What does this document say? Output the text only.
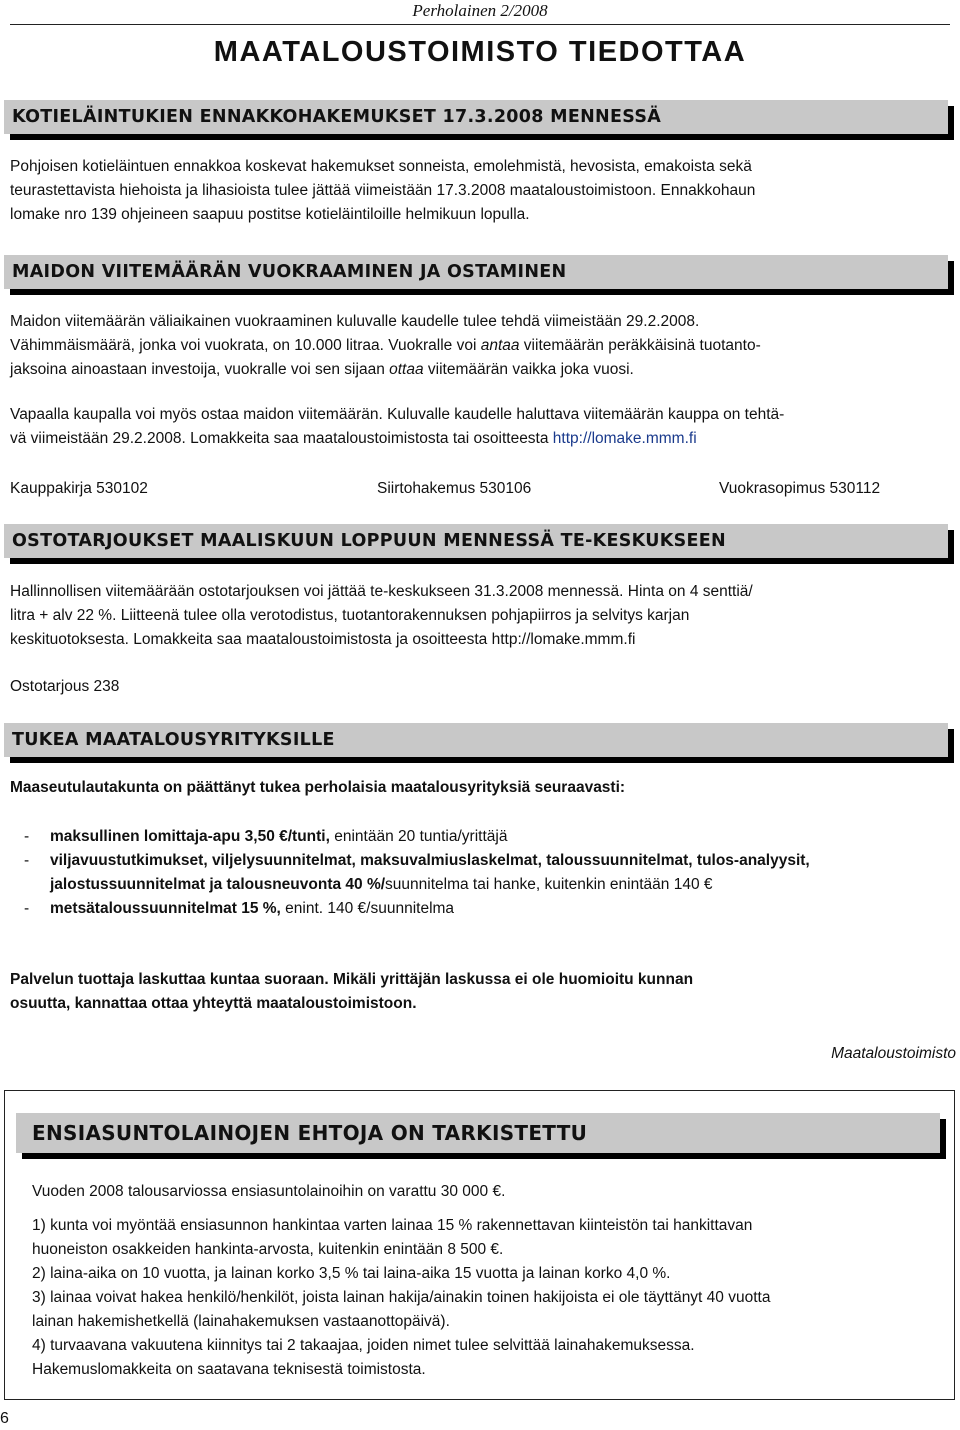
Perholainen 2/2008
MAATALOUSTOIMISTO TIEDOTTAA
KOTIELÄINTUKIEN ENNAKKOHAKEMUKSET 17.3.2008 MENNESSÄ

Pohjoisen kotieläintuen ennakkoa koskevat hakemukset sonneista, emolehmistä, hevosista, emakoista sekä

teurastettavista hiehoista ja lihasioista tulee jättää viimeistään 17.3.2008 maataloustoimistoon. Ennakkohaun

lomake nro 139 ohjeineen saapuu postitse kotieläintiloille helmikuun lopulla.

MAIDON VIITEMÄÄRÄN VUOKRAAMINEN JA OSTAMINEN

Maidon viitemäärän väliaikainen vuokraaminen kuluvalle kaudelle tulee tehdä viimeistään 29.2.2008.

Vähimmäismäärä, jonka voi vuokrata, on 10.000 litraa. Vuokralle voi antaa viitemäärän peräkkäisinä tuotanto-

jaksoina ainoastaan investoija, vuokralle voi sen sijaan ottaa viitemäärän vaikka joka vuosi.

Vapaalla kaupalla voi myös ostaa maidon viitemäärän. Kuluvalle kaudelle haluttava viitemäärän kauppa on tehtä-

vä viimeistään 29.2.2008. Lomakkeita saa maataloustoimistosta tai osoitteesta http://lomake.mmm.fi

Kauppakirja 530102	Siirtohakemus 530106	Vuokrasopimus 530112
OSTOTARJOUKSET MAALISKUUN LOPPUUN MENNESSÄ TE-KESKUKSEEN

Hallinnollisen viitemäärään ostotarjouksen voi jättää te-keskukseen 31.3.2008 mennessä. Hinta on 4 senttiä/

litra + alv 22 %. Liitteenä tulee olla verotodistus, tuotantorakennuksen pohjapiirros ja selvitys karjan

keskituotoksesta. Lomakkeita saa maataloustoimistosta ja osoitteesta http://lomake.mmm.fi

Ostotarjous 238
TUKEA MAATALOUSYRITYKSILLE
Maaseutulautakunta on päättänyt tukea perholaisia maatalousyrityksiä seuraavasti:

- maksullinen lomittaja-apu 3,50 €/tunti, enintään 20 tuntia/yrittäjä

- viljavuustutkimukset, viljelysuunnitelmat, maksuvalmiuslaskelmat, taloussuunnitelmat, tulos-analyysit, jalostussuunnitelmat ja talousneuvonta 40 %/suunnitelma tai hanke, kuitenkin enintään 140 €

- metsätaloussuunnitelmat 15 %, enint. 140 €/suunnitelma

Palvelun tuottaja laskuttaa kuntaa suoraan. Mikäli yrittäjän laskussa ei ole huomioitu kunnan

osuutta, kannattaa ottaa yhteyttä maataloustoimistoon.

Maataloustoimisto
ENSIASUNTOLAINOJEN EHTOJA ON TARKISTETTU
Vuoden 2008 talousarviossa ensiasuntolainoihin on varattu 30 000 €.

1) kunta voi myöntää ensiasunnon hankintaa varten lainaa 15 % rakennettavan kiinteistön tai hankittavan

huoneiston osakkeiden hankinta-arvosta, kuitenkin enintään 8 500 €.

2) laina-aika on 10 vuotta, ja lainan korko 3,5 % tai laina-aika 15 vuotta ja lainan korko 4,0 %.

3) lainaa voivat hakea henkilö/henkilöt, joista lainan hakija/ainakin toinen hakijoista ei ole täyttänyt 40 vuotta

lainan hakemishetkellä (lainahakemuksen vastaanottopäivä).

4) turvaavana vakuutena kiinnitys tai 2 takaajaa, joiden nimet tulee selvittää lainahakemuksessa.

Hakemuslomakkeita on saatavana teknisestä toimistosta.

6
